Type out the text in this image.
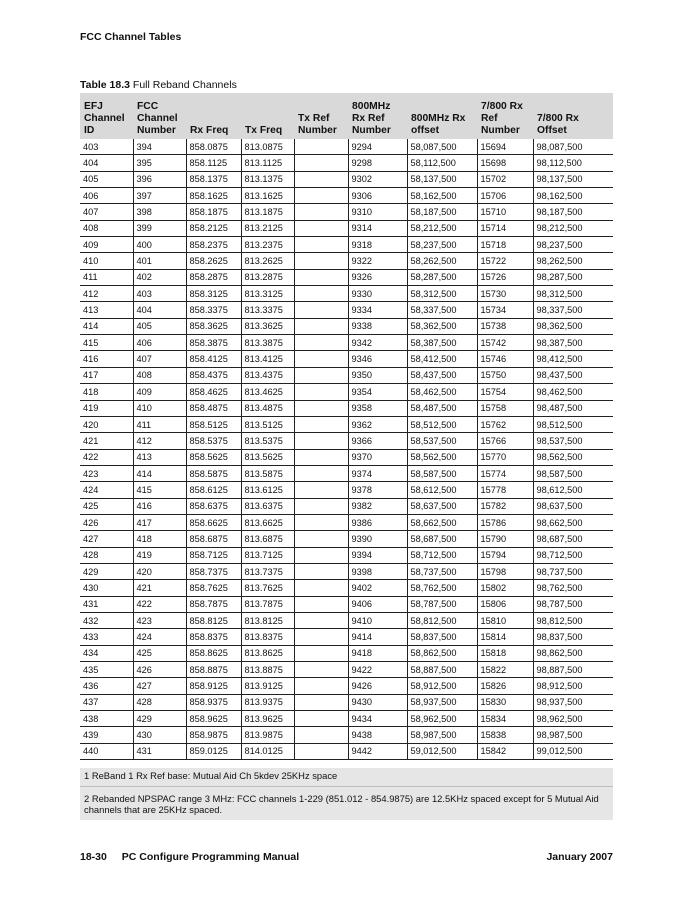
FCC Channel Tables
Table 18.3 Full Reband Channels
EFJ Channel ID	FCC Channel Number	Rx Freq	Tx Freq	Tx Ref Number	800MHz Rx Ref Number	800MHz Rx offset	7/800 Rx Ref Number	7/800 Rx Offset
403	394	858.0875	813.0875		9294	58,087,500	15694	98,087,500
404	395	858.1125	813.1125		9298	58,112,500	15698	98,112,500
405	396	858.1375	813.1375		9302	58,137,500	15702	98,137,500
406	397	858.1625	813.1625		9306	58,162,500	15706	98,162,500
407	398	858.1875	813.1875		9310	58,187,500	15710	98,187,500
408	399	858.2125	813.2125		9314	58,212,500	15714	98,212,500
409	400	858.2375	813.2375		9318	58,237,500	15718	98,237,500
410	401	858.2625	813.2625		9322	58,262,500	15722	98,262,500
411	402	858.2875	813.2875		9326	58,287,500	15726	98,287,500
412	403	858.3125	813.3125		9330	58,312,500	15730	98,312,500
413	404	858.3375	813.3375		9334	58,337,500	15734	98,337,500
414	405	858.3625	813.3625		9338	58,362,500	15738	98,362,500
415	406	858.3875	813.3875		9342	58,387,500	15742	98,387,500
416	407	858.4125	813.4125		9346	58,412,500	15746	98,412,500
417	408	858.4375	813.4375		9350	58,437,500	15750	98,437,500
418	409	858.4625	813.4625		9354	58,462,500	15754	98,462,500
419	410	858.4875	813.4875		9358	58,487,500	15758	98,487,500
420	411	858.5125	813.5125		9362	58,512,500	15762	98,512,500
421	412	858.5375	813.5375		9366	58,537,500	15766	98,537,500
422	413	858.5625	813.5625		9370	58,562,500	15770	98,562,500
423	414	858.5875	813.5875		9374	58,587,500	15774	98,587,500
424	415	858.6125	813.6125		9378	58,612,500	15778	98,612,500
425	416	858.6375	813.6375		9382	58,637,500	15782	98,637,500
426	417	858.6625	813.6625		9386	58,662,500	15786	98,662,500
427	418	858.6875	813.6875		9390	58,687,500	15790	98,687,500
428	419	858.7125	813.7125		9394	58,712,500	15794	98,712,500
429	420	858.7375	813.7375		9398	58,737,500	15798	98,737,500
430	421	858.7625	813.7625		9402	58,762,500	15802	98,762,500
431	422	858.7875	813.7875		9406	58,787,500	15806	98,787,500
432	423	858.8125	813.8125		9410	58,812,500	15810	98,812,500
433	424	858.8375	813.8375		9414	58,837,500	15814	98,837,500
434	425	858.8625	813.8625		9418	58,862,500	15818	98,862,500
435	426	858.8875	813.8875		9422	58,887,500	15822	98,887,500
436	427	858.9125	813.9125		9426	58,912,500	15826	98,912,500
437	428	858.9375	813.9375		9430	58,937,500	15830	98,937,500
438	429	858.9625	813.9625		9434	58,962,500	15834	98,962,500
439	430	858.9875	813.9875		9438	58,987,500	15838	98,987,500
440	431	859.0125	814.0125		9442	59,012,500	15842	99,012,500

1 ReBand 1 Rx Ref base: Mutual Aid Ch 5kdev 25KHz space

2 Rebanded NPSPAC range 3 MHz: FCC channels 1-229 (851.012 - 854.9875) are 12.5KHz spaced except for 5 Mutual Aid channels that are 25KHz spaced.

18-30 PC Configure Programming Manual	January 2007
